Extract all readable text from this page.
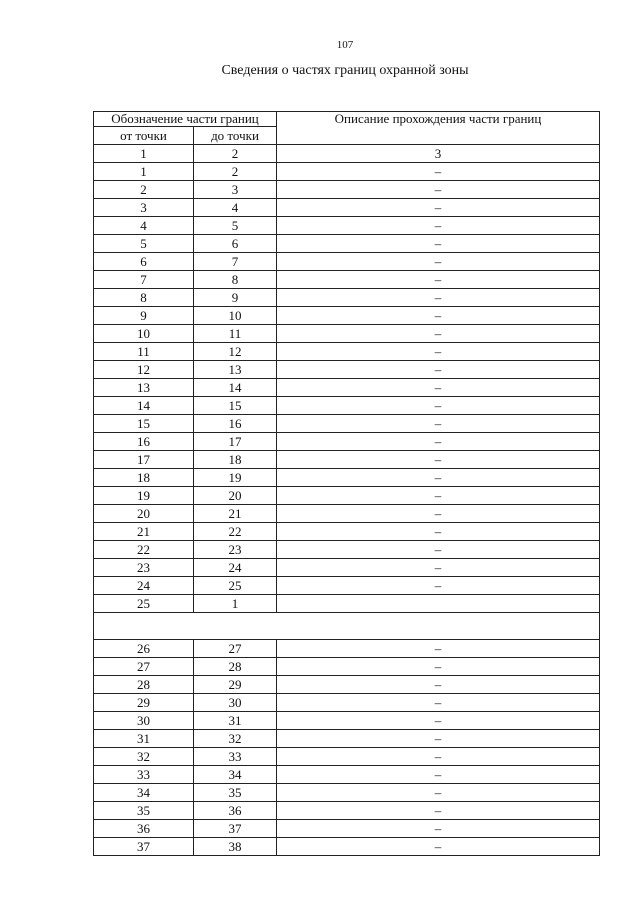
107
Сведения о частях границ охранной зоны
Обозначение части границ		Описание прохождения части границ
от точки	до точки	
1	2	3
1	2	–
2	3	–
3	4	–
4	5	–
5	6	–
6	7	–
7	8	–
8	9	–
9	10	–
10	11	–
11	12	–
12	13	–
13	14	–
14	15	–
15	16	–
16	17	–
17	18	–
18	19	–
19	20	–
20	21	–
21	22	–
22	23	–
23	24	–
24	25	–
25	1	

26	27	–
27	28	–
28	29	–
29	30	–
30	31	–
31	32	–
32	33	–
33	34	–
34	35	–
35	36	–
36	37	–
37	38	–
